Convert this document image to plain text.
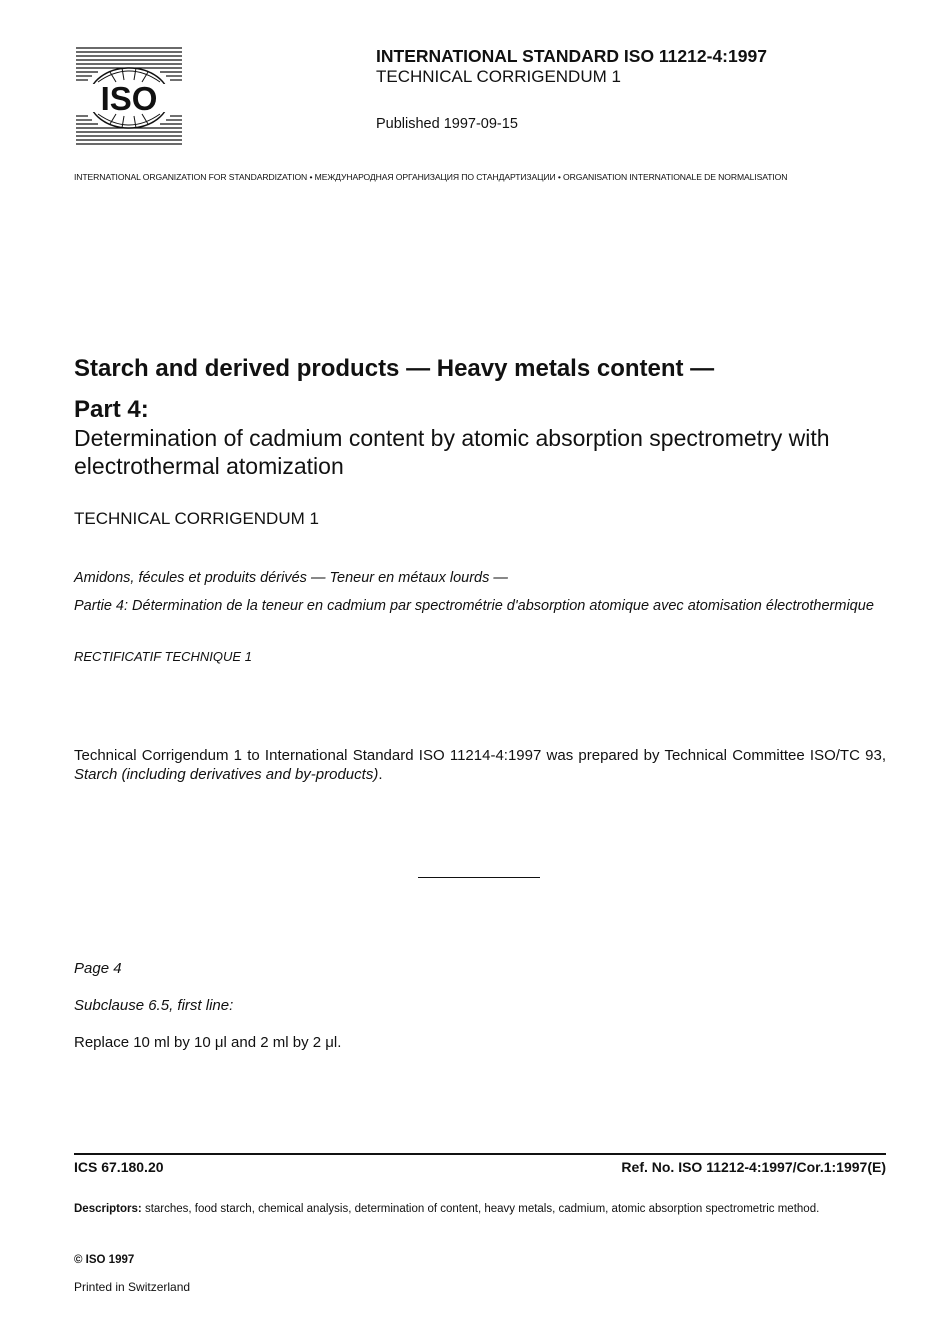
ISO
INTERNATIONAL STANDARD ISO 11212-4:1997
TECHNICAL CORRIGENDUM 1
Published 1997-09-15
INTERNATIONAL ORGANIZATION FOR STANDARDIZATION • МЕЖДУНАРОДНАЯ ОРГАНИЗАЦИЯ ПО СТАНДАРТИЗАЦИИ • ORGANISATION INTERNATIONALE DE NORMALISATION
Starch and derived products — Heavy metals content —
Part 4:
Determination of cadmium content by atomic absorption spectrometry with electrothermal atomization
TECHNICAL CORRIGENDUM 1
Amidons, fécules et produits dérivés — Teneur en métaux lourds —
Partie 4: Détermination de la teneur en cadmium par spectrométrie d'absorption atomique avec atomisation électrothermique
RECTIFICATIF TECHNIQUE 1
Technical Corrigendum 1 to International Standard ISO 11214-4:1997 was prepared by Technical Committee ISO/TC 93, Starch (including derivatives and by-products).
Page 4
Subclause 6.5, first line:
Replace 10 ml by 10 μl and 2 ml by 2 μl.
ICS 67.180.20	Ref. No. ISO 11212-4:1997/Cor.1:1997(E)
Descriptors: starches, food starch, chemical analysis, determination of content, heavy metals, cadmium, atomic absorption spectrometric method.
© ISO 1997
Printed in Switzerland
